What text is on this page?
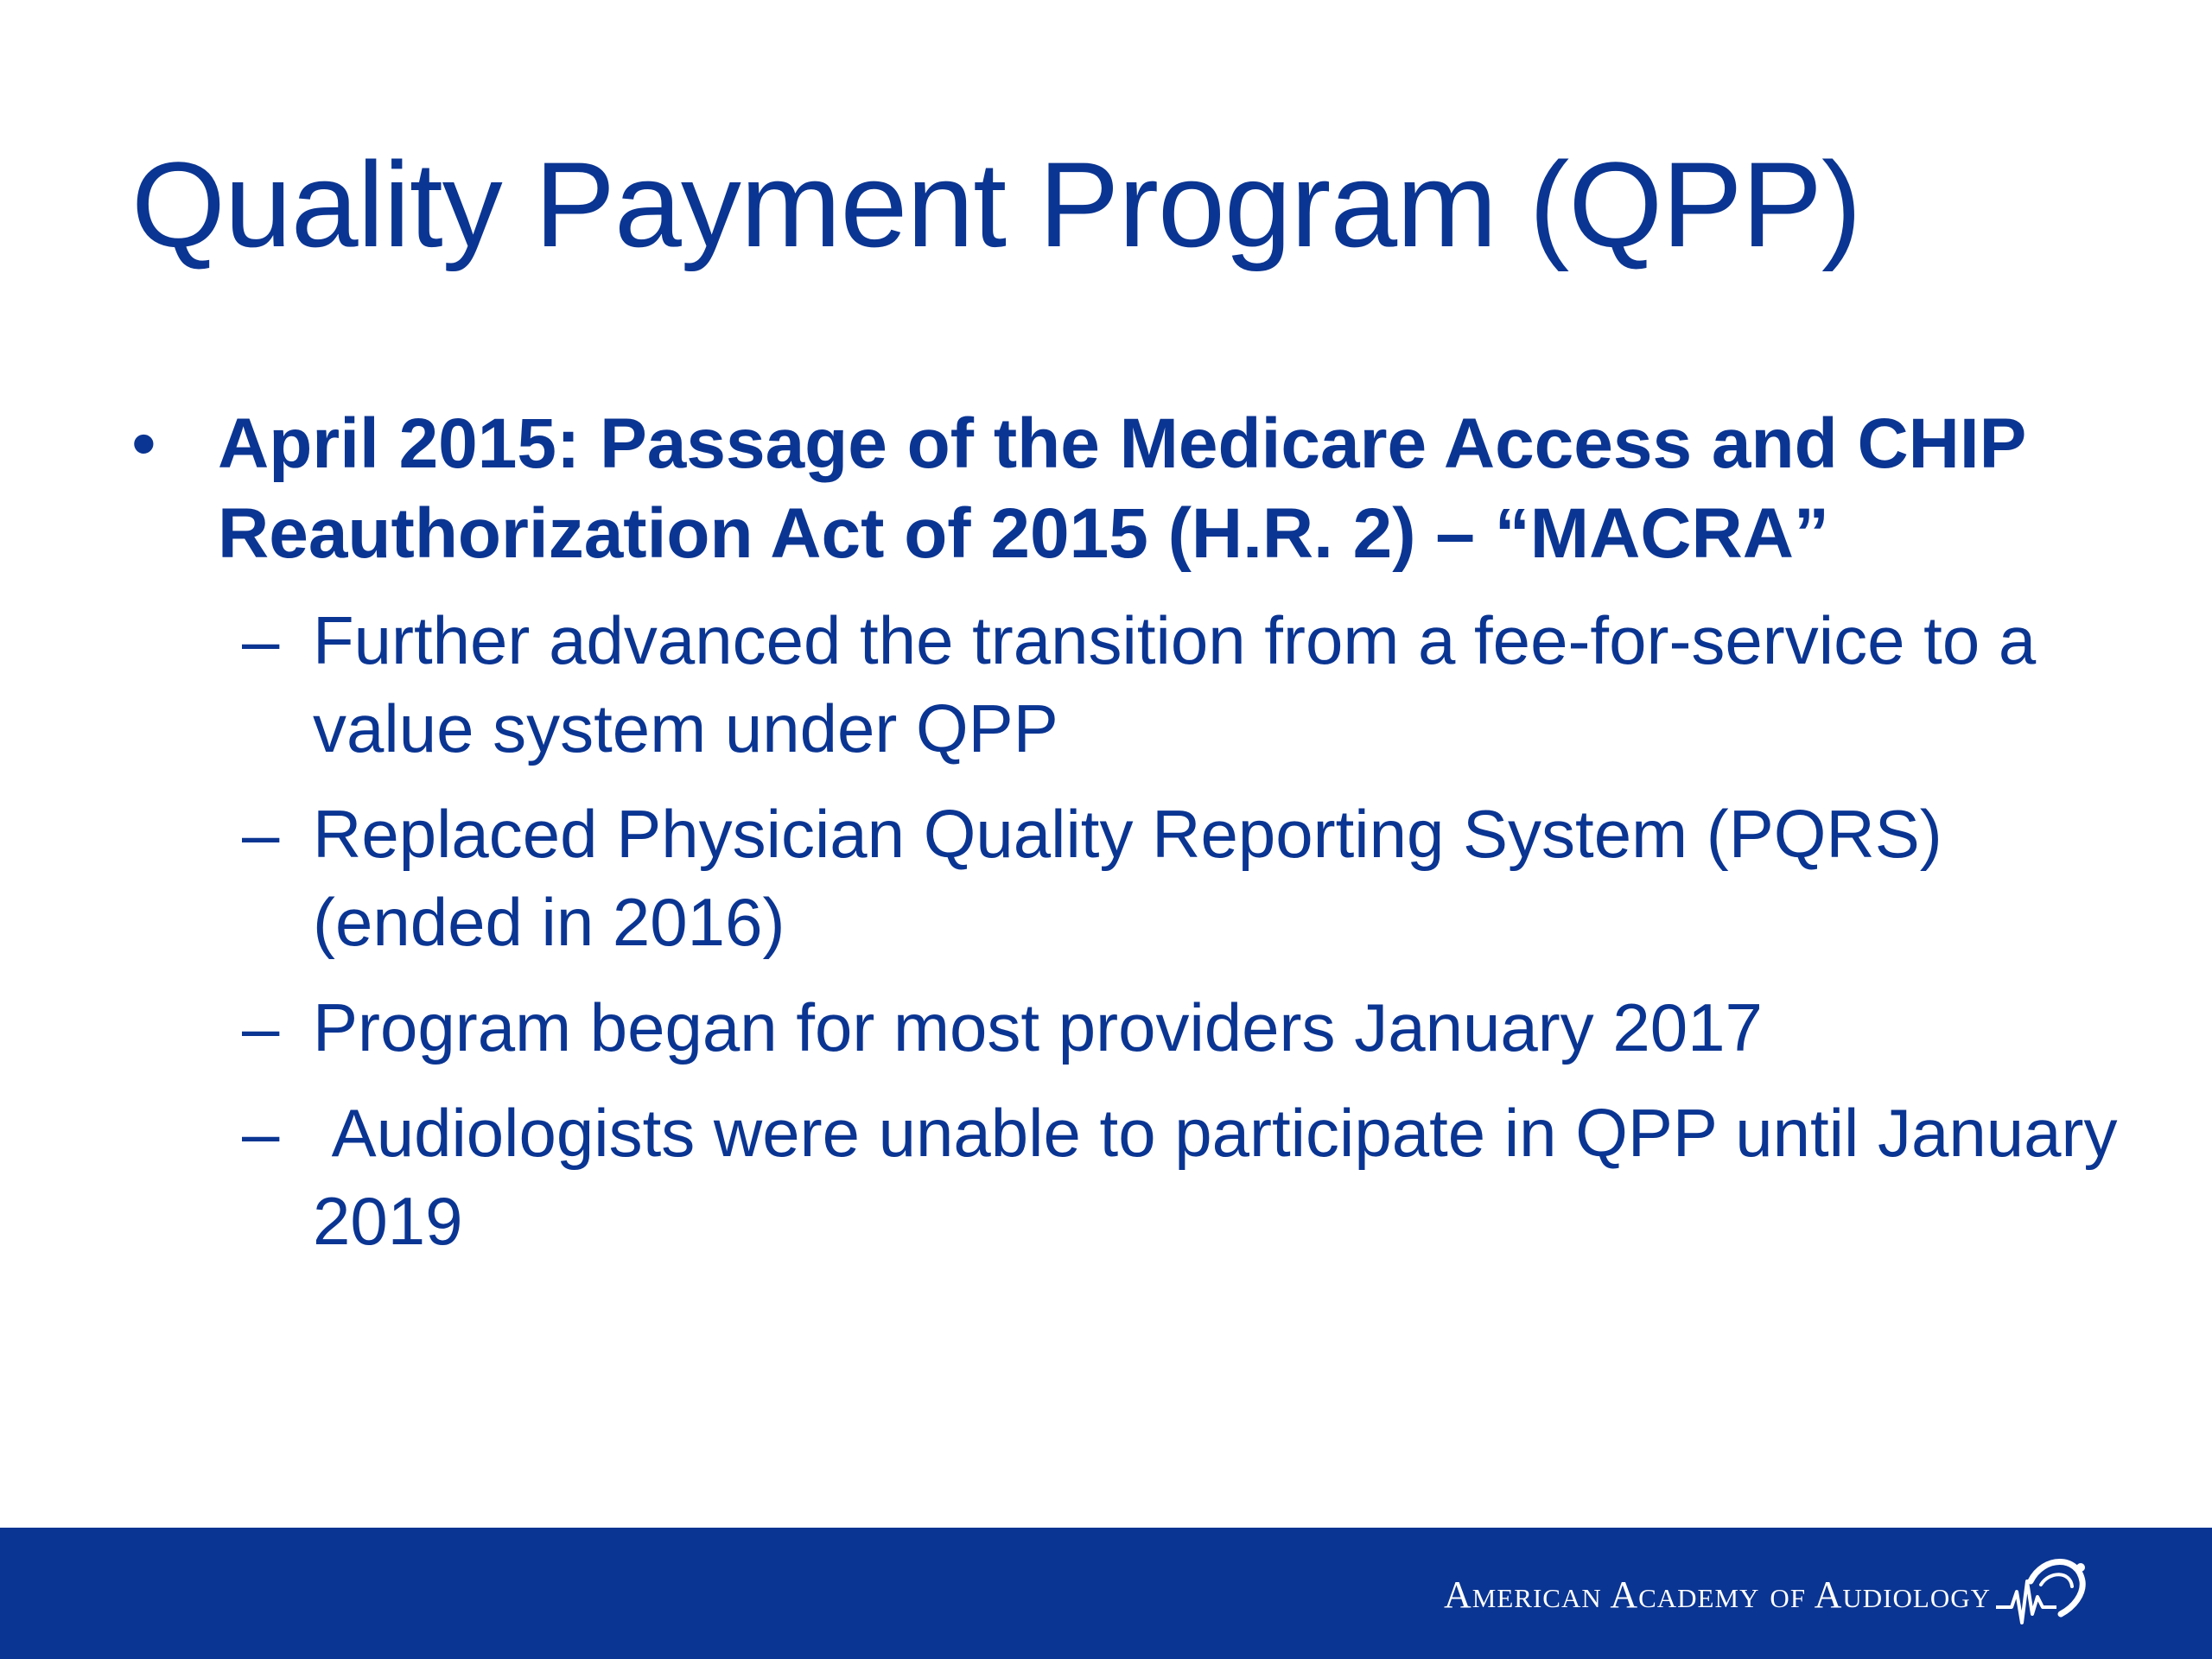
Quality Payment Program (QPP)
• April 2015: Passage of the Medicare Access and CHIP Reauthorization Act of 2015 (H.R. 2) – “MACRA”
– Further advanced the transition from a fee-for-service to a value system under QPP
– Replaced Physician Quality Reporting System (PQRS) (ended in 2016)
– Program began for most providers January 2017
– Audiologists were unable to participate in QPP until January 2019
American Academy of Audiology
